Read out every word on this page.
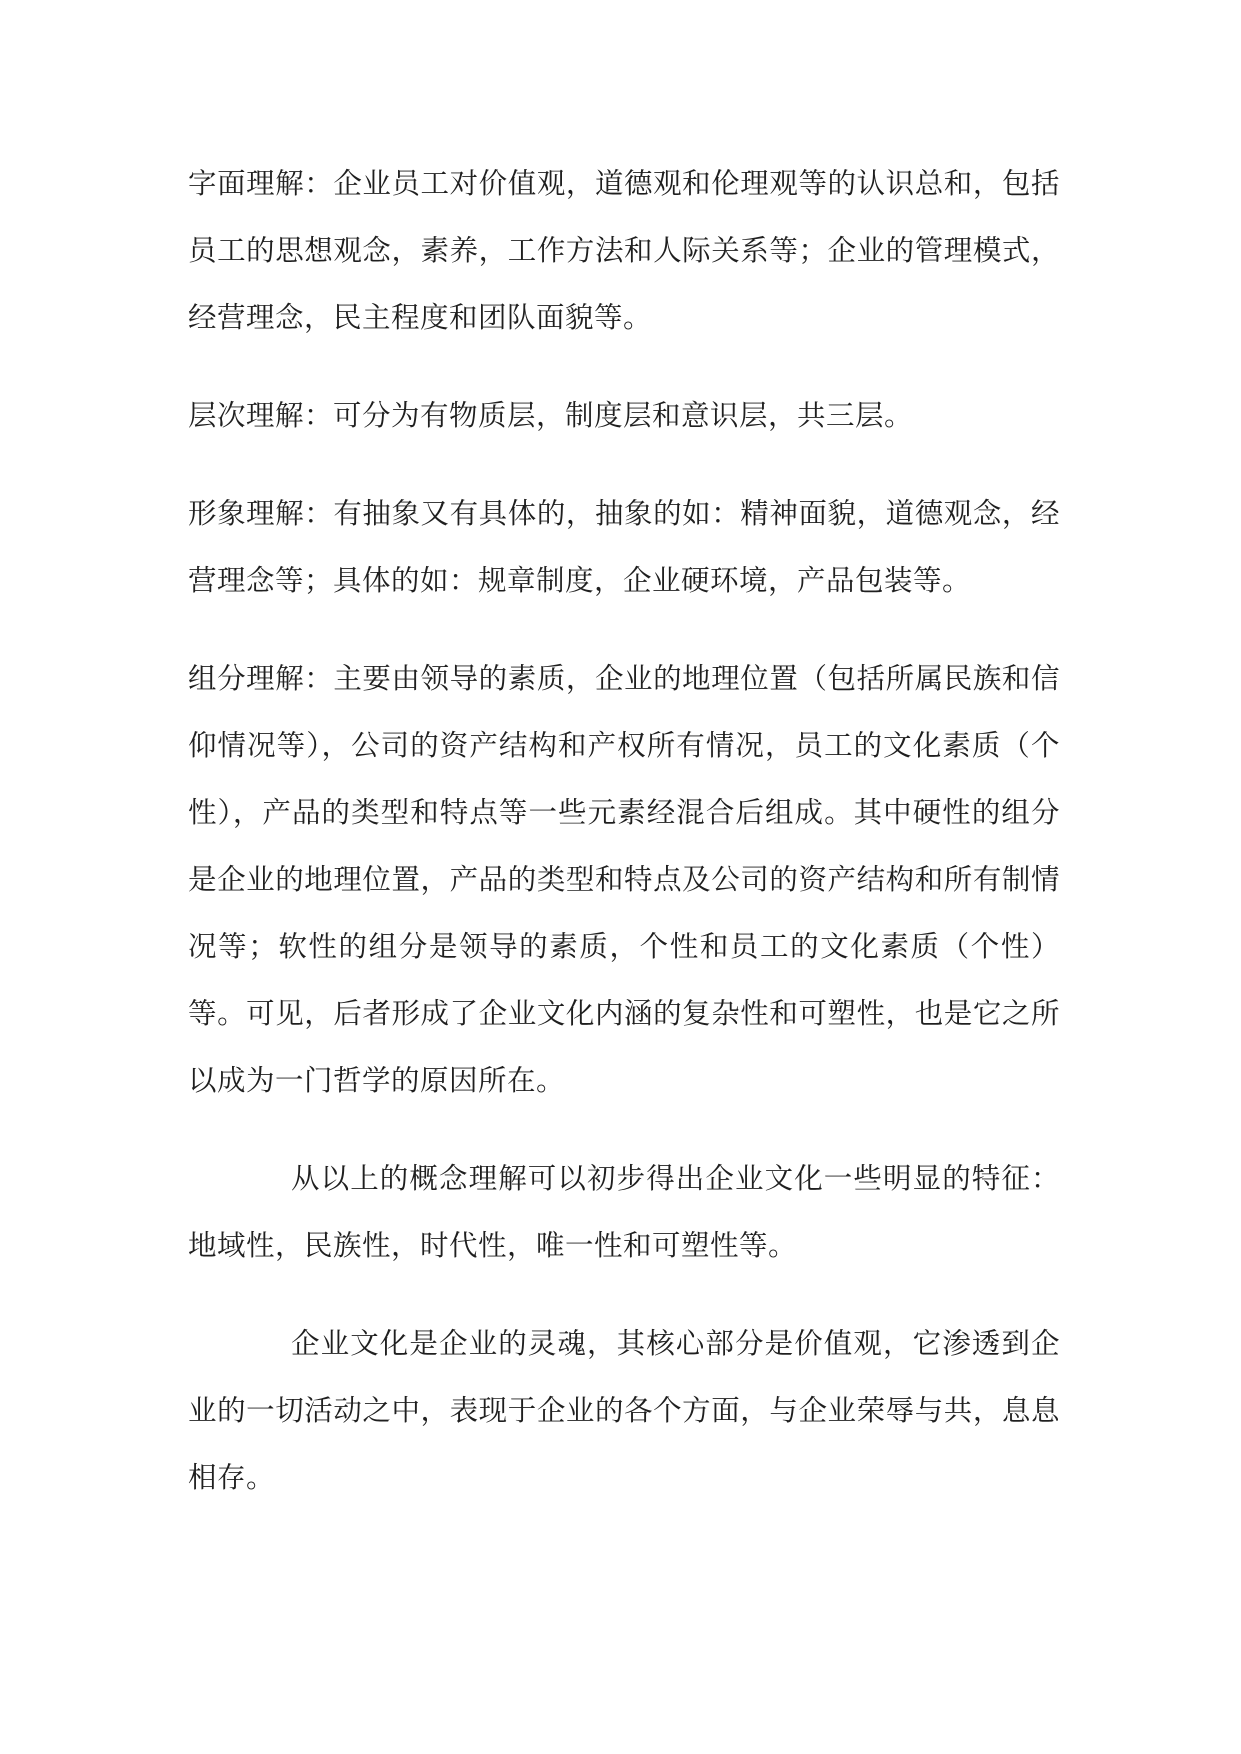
字面理解：企业员工对价值观，道德观和伦理观等的认识总和，包括员工的思想观念，素养，工作方法和人际关系等；企业的管理模式，经营理念，民主程度和团队面貌等。

层次理解：可分为有物质层，制度层和意识层，共三层。

形象理解：有抽象又有具体的，抽象的如：精神面貌，道德观念，经营理念等；具体的如：规章制度，企业硬环境，产品包装等。

组分理解：主要由领导的素质，企业的地理位置（包括所属民族和信仰情况等），公司的资产结构和产权所有情况，员工的文化素质（个性），产品的类型和特点等一些元素经混合后组成。其中硬性的组分是企业的地理位置，产品的类型和特点及公司的资产结构和所有制情况等；软性的组分是领导的素质，个性和员工的文化素质（个性）等。可见，后者形成了企业文化内涵的复杂性和可塑性，也是它之所以成为一门哲学的原因所在。

从以上的概念理解可以初步得出企业文化一些明显的特征：地域性，民族性，时代性，唯一性和可塑性等。

企业文化是企业的灵魂，其核心部分是价值观，它渗透到企业的一切活动之中，表现于企业的各个方面，与企业荣辱与共，息息相存。
